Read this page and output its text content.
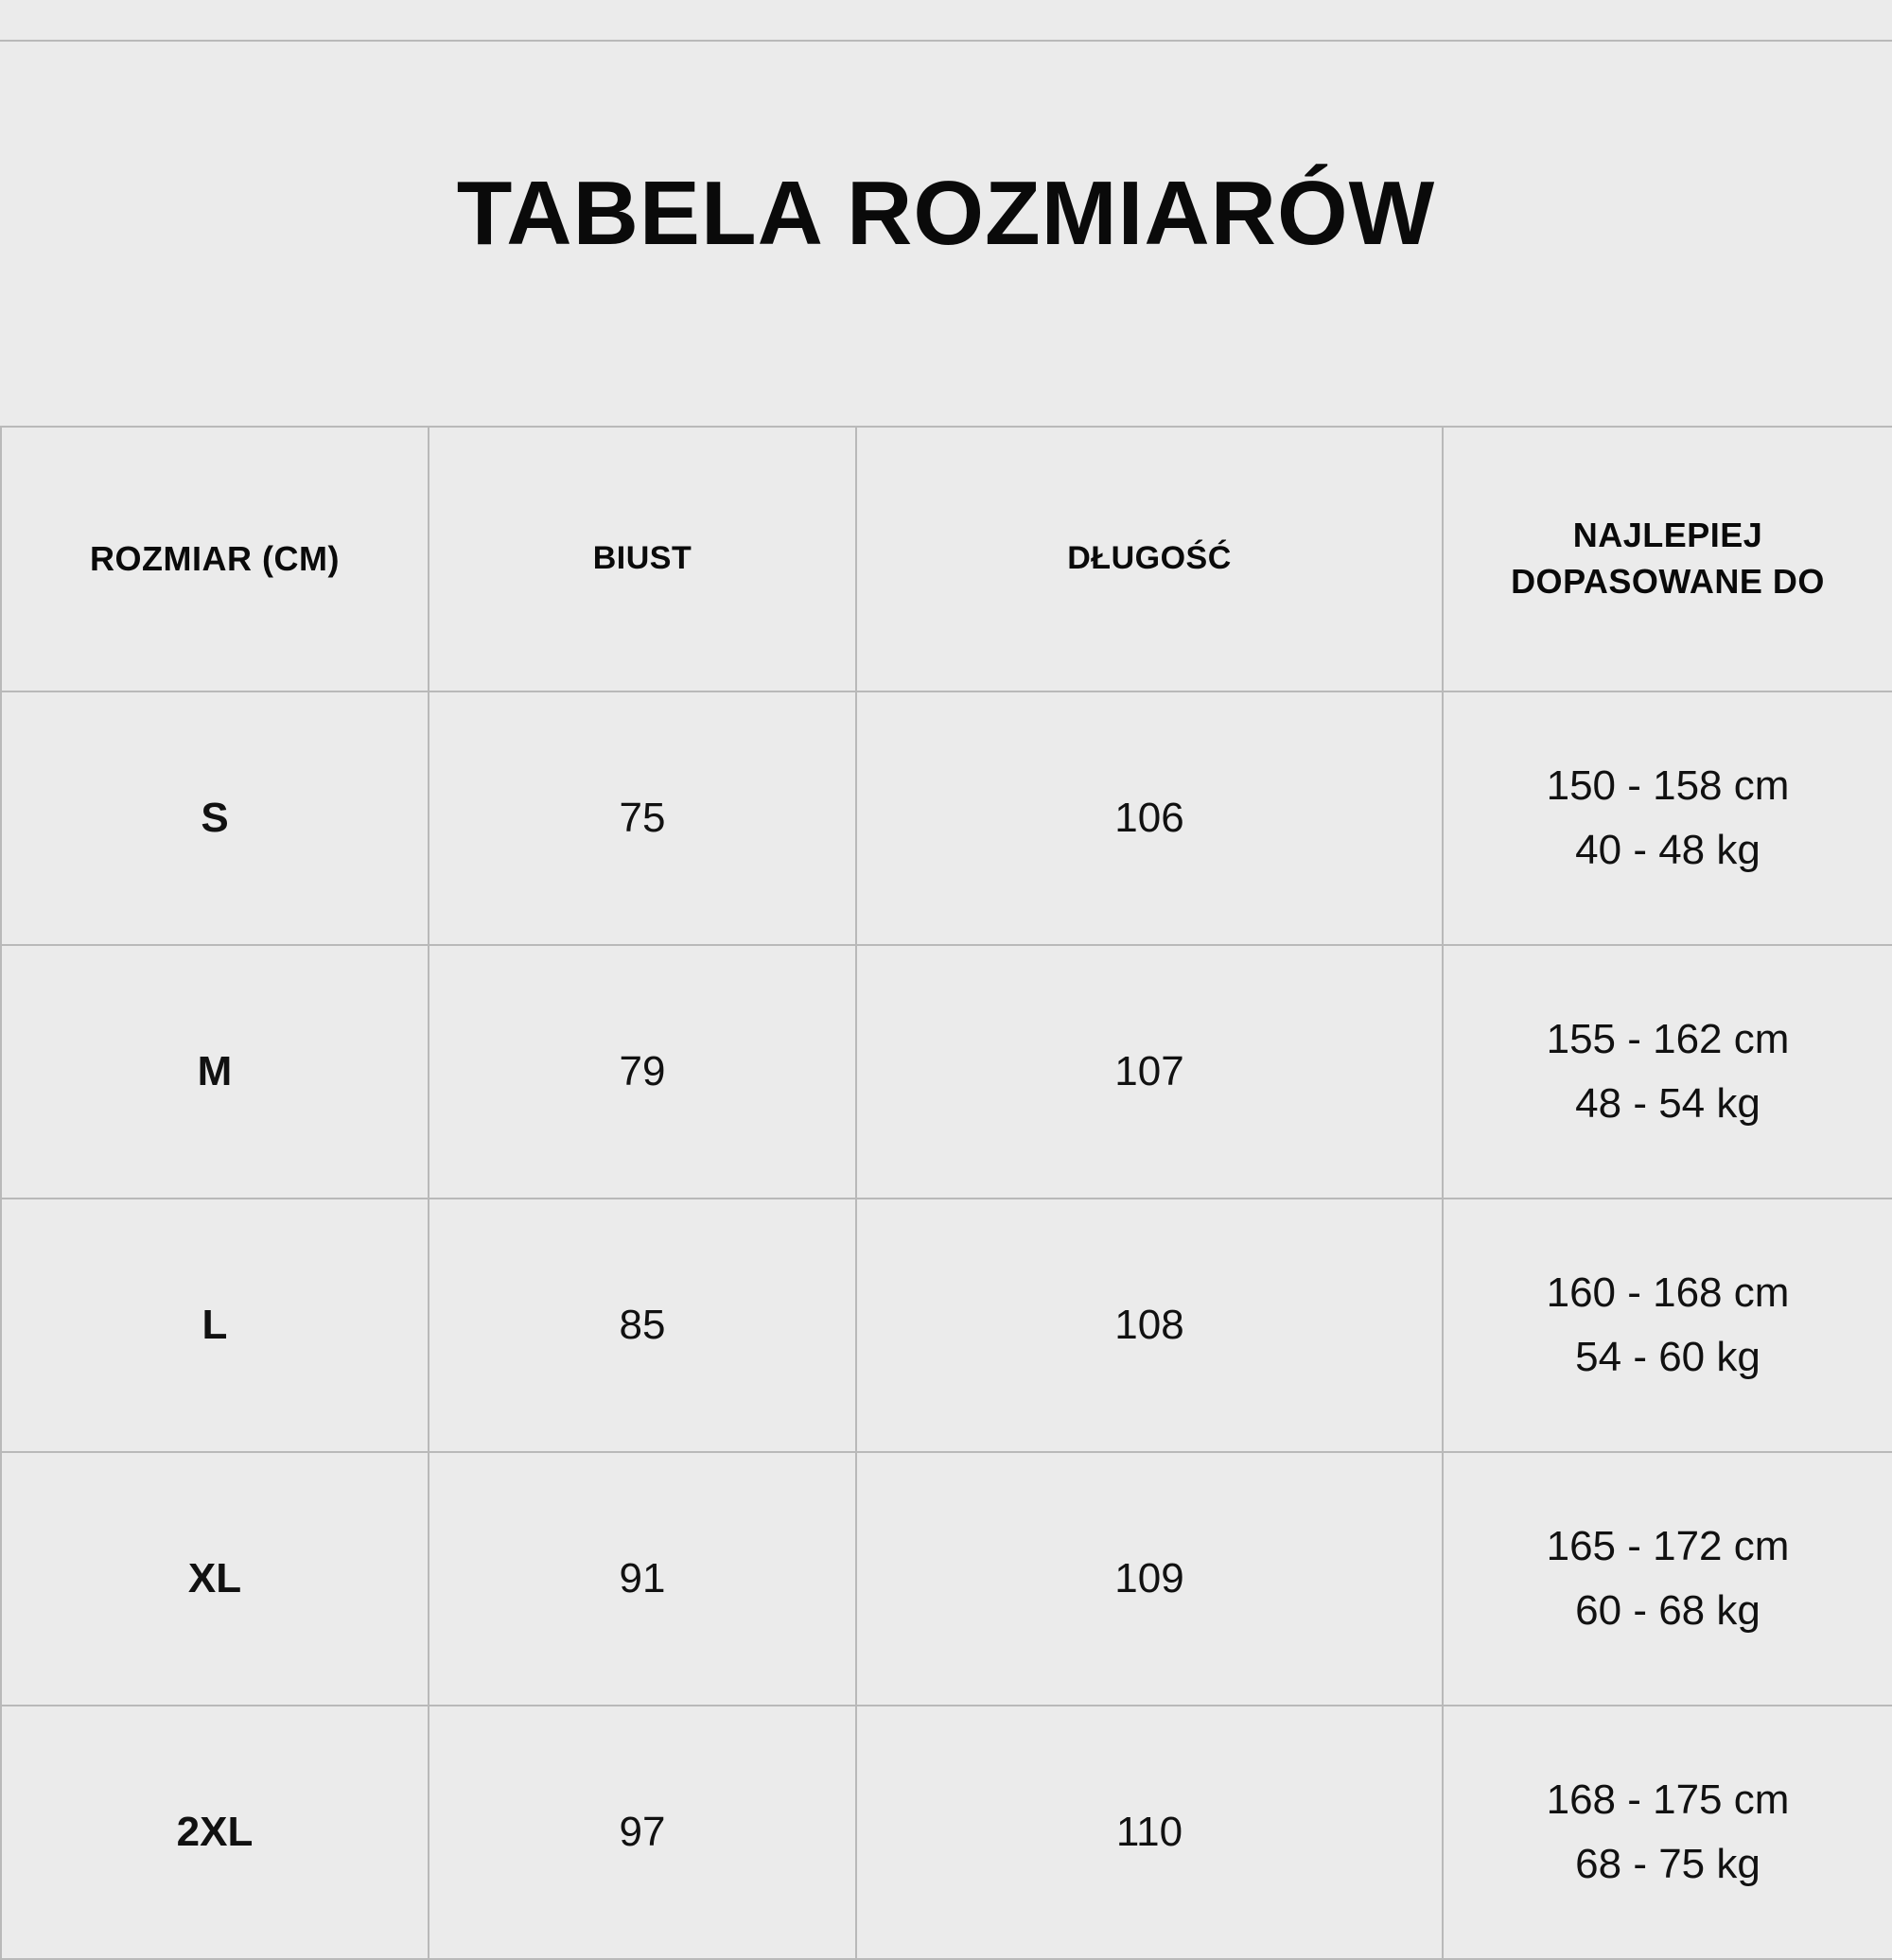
TABELA ROZMIARÓW
ROZMIAR (CM)	BIUST	DŁUGOŚĆ	NAJLEPIEJ
DOPASOWANE DO

S	75	106	150 - 158 cm
40 - 48 kg

M	79	107	155 - 162 cm
48 - 54 kg

L	85	108	160 - 168 cm
54 - 60 kg

XL	91	109	165 - 172 cm
60 - 68 kg

2XL	97	110	168 - 175 cm
68 - 75 kg
